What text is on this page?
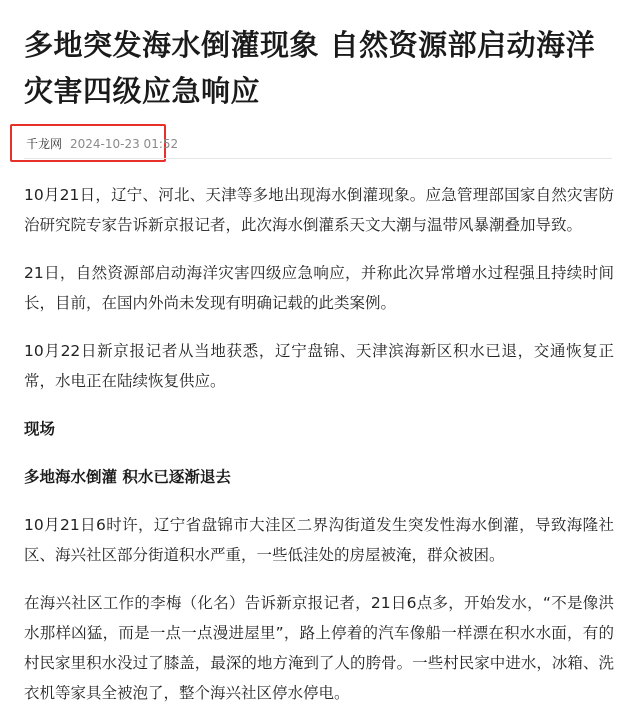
多地突发海水倒灌现象 自然资源部启动海洋灾害四级应急响应
千龙网 2024-10-23 01:52

10月21日，辽宁、河北、天津等多地出现海水倒灌现象。应急管理部国家自然灾害防治研究院专家告诉新京报记者，此次海水倒灌系天文大潮与温带风暴潮叠加导致。

21日，自然资源部启动海洋灾害四级应急响应，并称此次异常增水过程强且持续时间长，目前，在国内外尚未发现有明确记载的此类案例。

10月22日新京报记者从当地获悉，辽宁盘锦、天津滨海新区积水已退，交通恢复正常，水电正在陆续恢复供应。

现场

多地海水倒灌 积水已逐渐退去

10月21日6时许，辽宁省盘锦市大洼区二界沟街道发生突发性海水倒灌，导致海隆社区、海兴社区部分街道积水严重，一些低洼处的房屋被淹，群众被困。

在海兴社区工作的李梅（化名）告诉新京报记者，21日6点多，开始发水，“不是像洪水那样凶猛，而是一点一点漫进屋里”，路上停着的汽车像船一样漂在积水水面，有的村民家里积水没过了膝盖，最深的地方淹到了人的胯骨。一些村民家中进水，冰箱、洗衣机等家具全被泡了，整个海兴社区停水停电。
